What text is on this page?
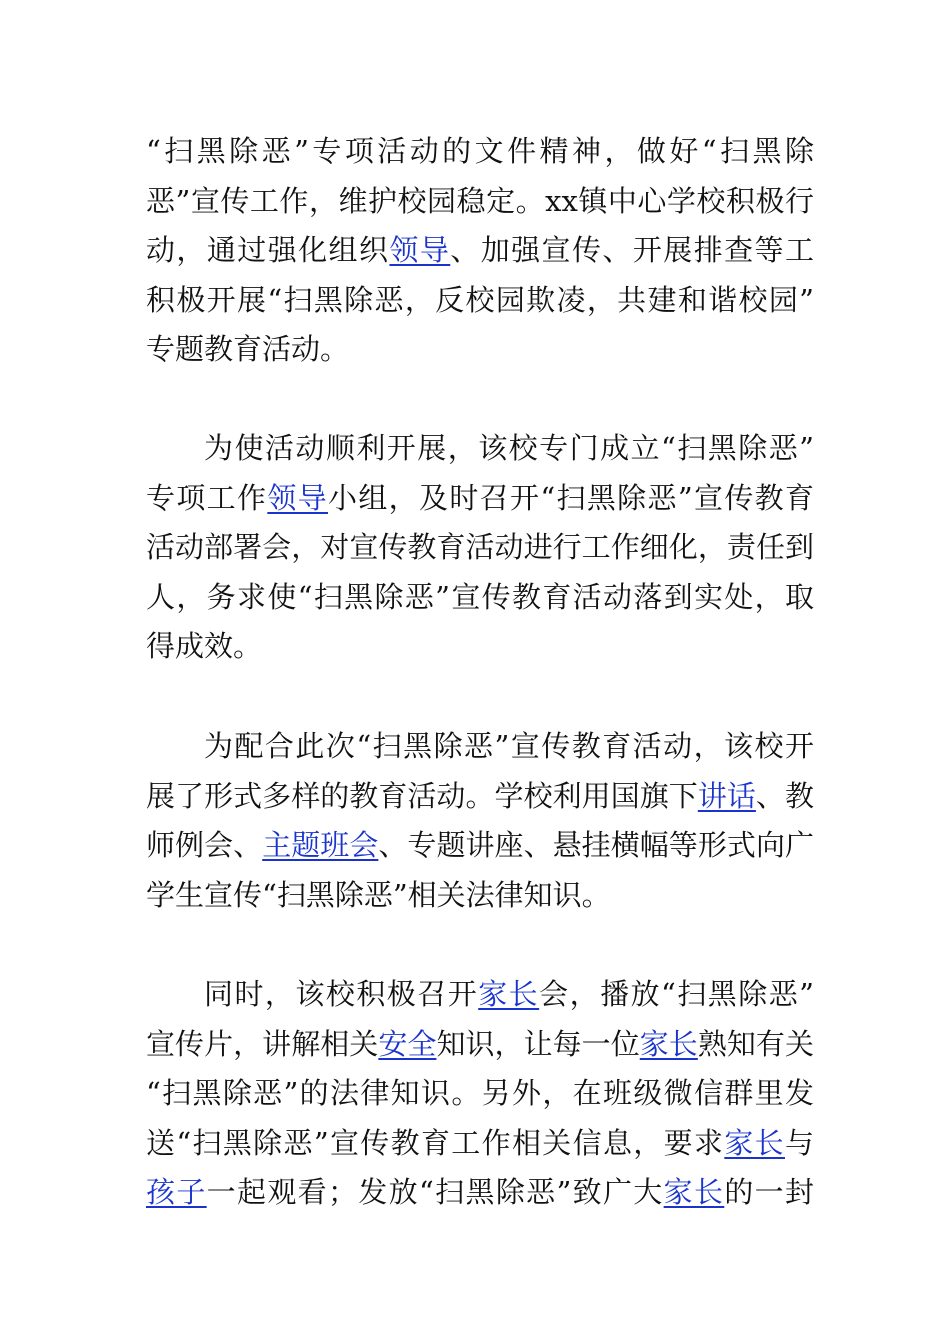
“扫黑除恶”专项活动的文件精神，做好“扫黑除
恶”宣传工作，维护校园稳定。xx镇中心学校积极行
动，通过强化组织领导、加强宣传、开展排查等工
积极开展“扫黑除恶，反校园欺凌，共建和谐校园”
专题教育活动。
为使活动顺利开展，该校专门成立“扫黑除恶”
专项工作领导小组，及时召开“扫黑除恶”宣传教育
活动部署会，对宣传教育活动进行工作细化，责任到
人，务求使“扫黑除恶”宣传教育活动落到实处，取
得成效。
为配合此次“扫黑除恶”宣传教育活动，该校开
展了形式多样的教育活动。学校利用国旗下讲话、教
师例会、主题班会、专题讲座、悬挂横幅等形式向广
学生宣传“扫黑除恶”相关法律知识。
同时，该校积极召开家长会，播放“扫黑除恶”
宣传片，讲解相关安全知识，让每一位家长熟知有关
“扫黑除恶”的法律知识。另外，在班级微信群里发
送“扫黑除恶”宣传教育工作相关信息，要求家长与
孩子一起观看；发放“扫黑除恶”致广大家长的一封
